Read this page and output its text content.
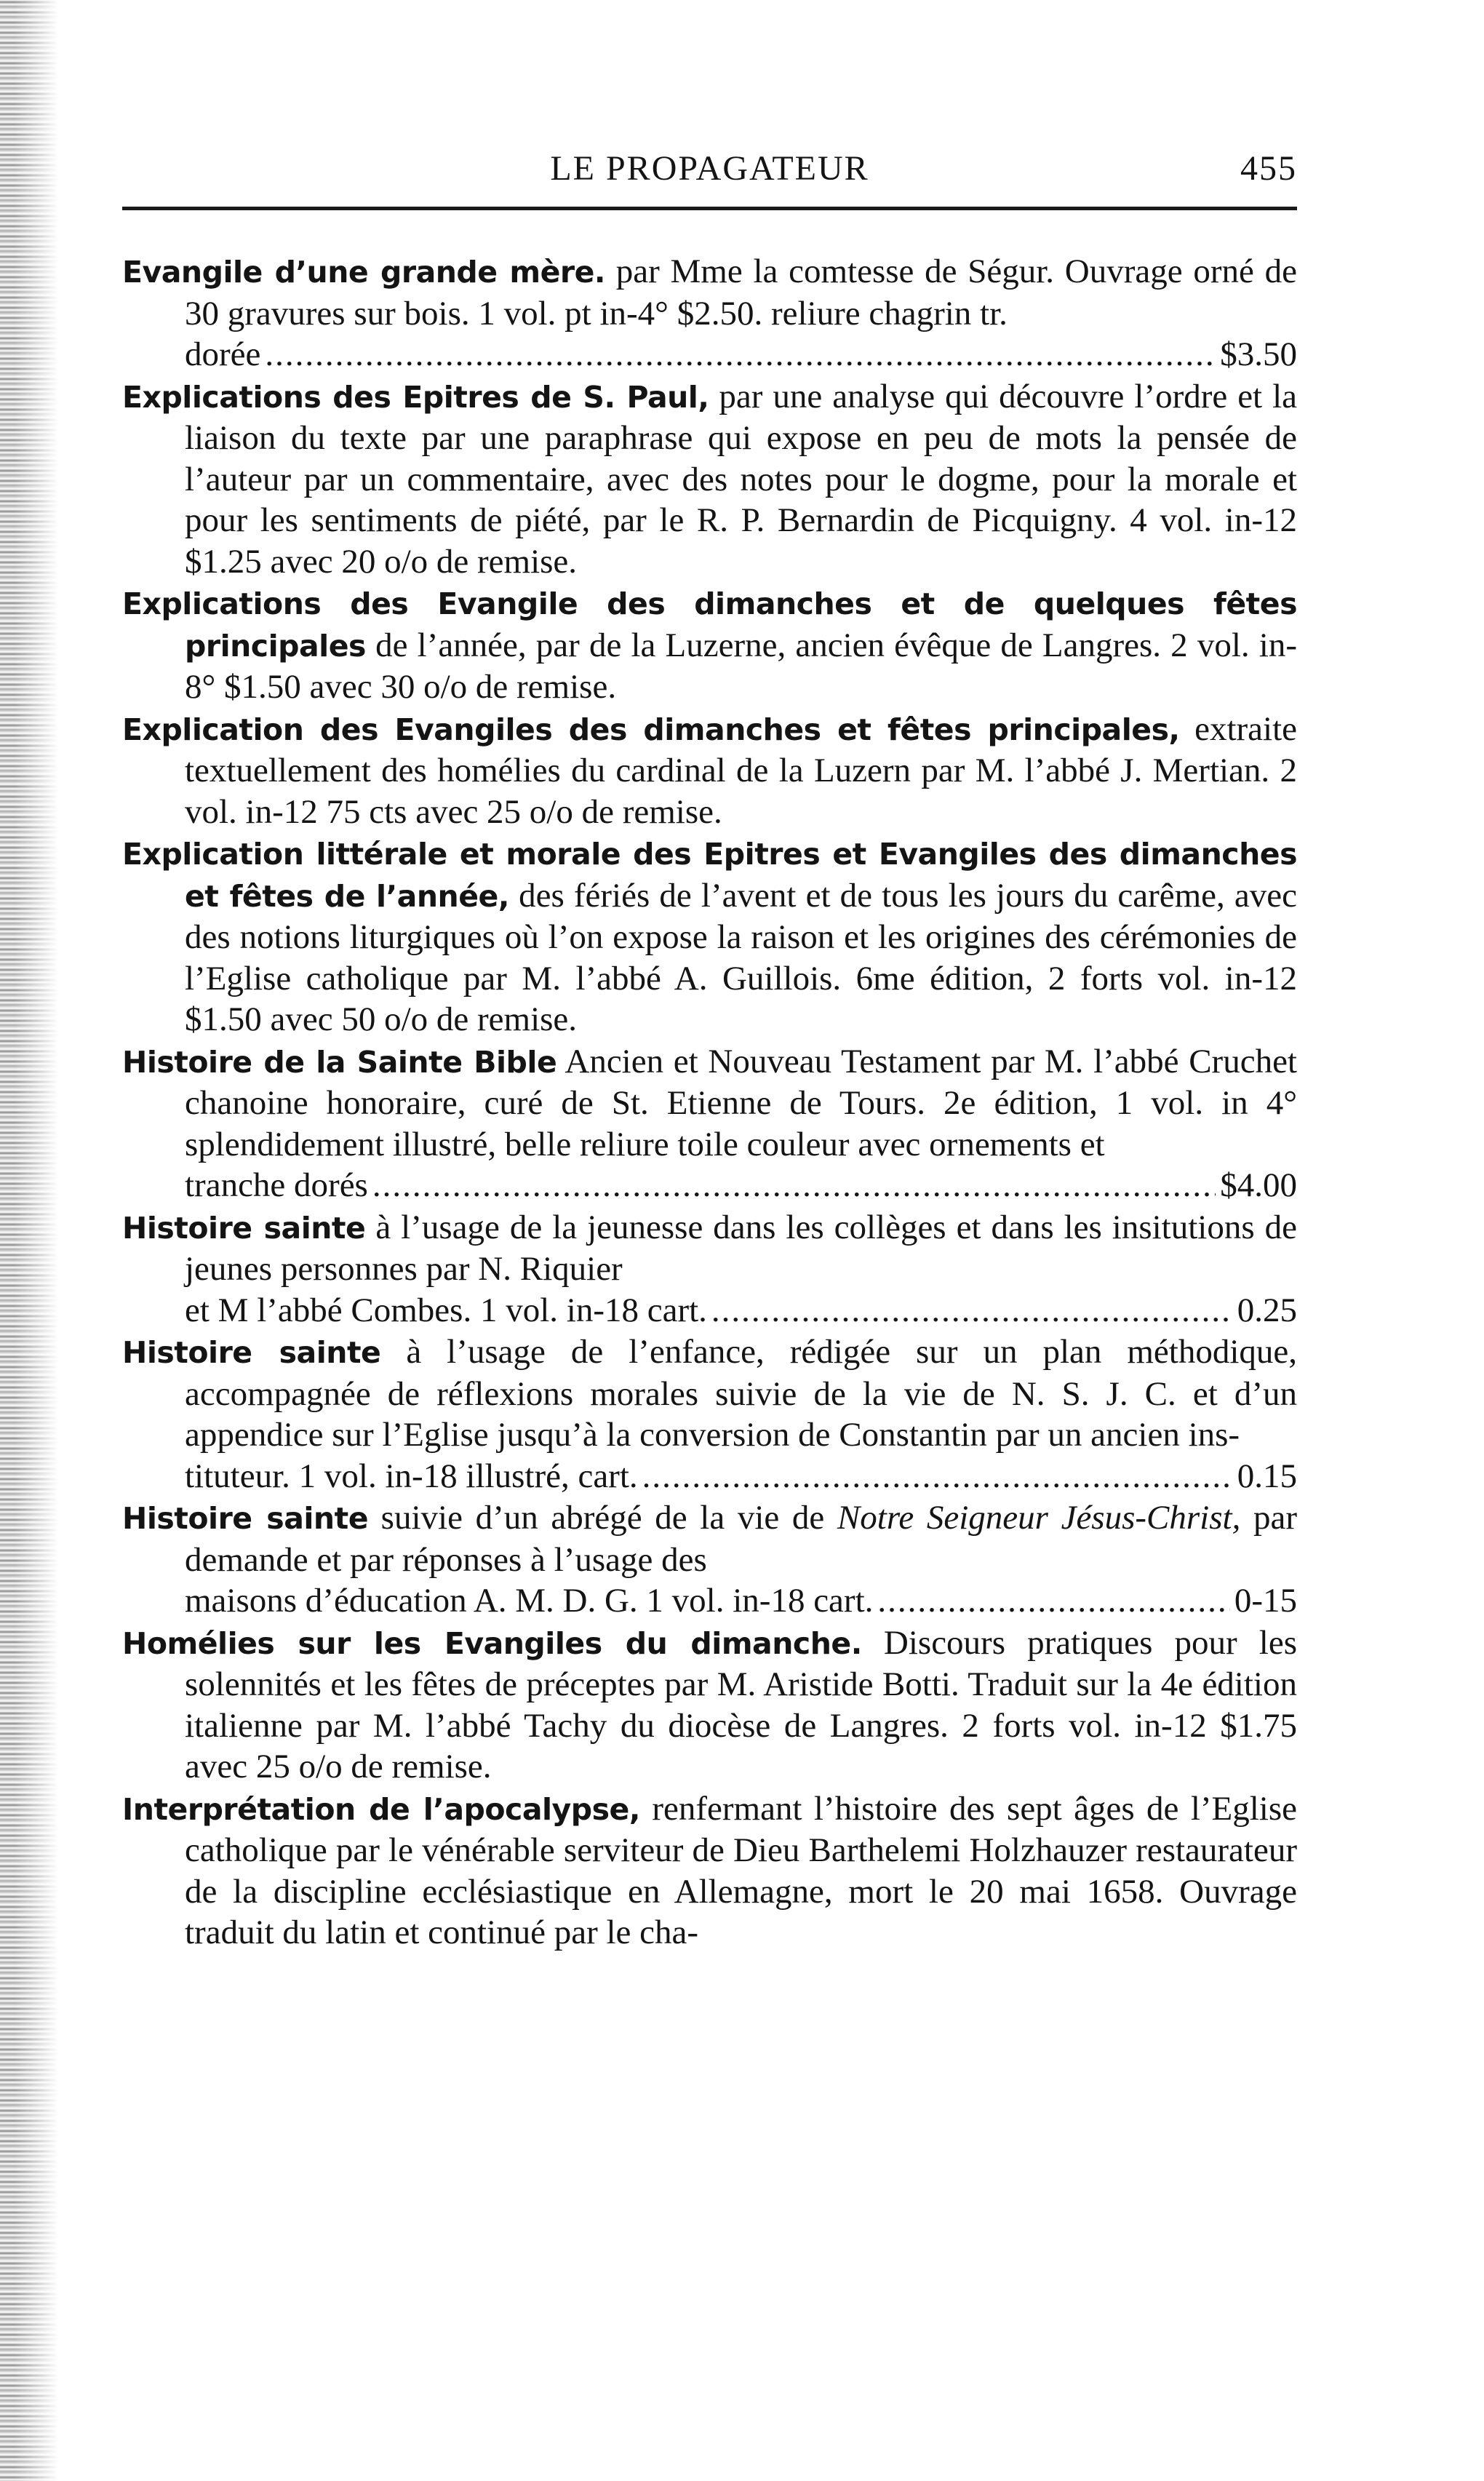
LE PROPAGATEUR	455

Evangile d’une grande mère. par Mme la comtesse de Ségur. Ouvrage orné de 30 gravures sur bois. 1 vol. pt in-4° $2.50. reliure chagrin tr.
dorée .....	$3.50

Explications des Epitres de S. Paul, par une analyse qui découvre l’ordre et la liaison du texte par une paraphrase qui expose en peu de mots la pensée de l’auteur par un commentaire, avec des notes pour le dogme, pour la morale et pour les sentiments de piété, par le R. P. Bernardin de Picquigny. 4 vol. in-12 $1.25 avec 20 o/o de remise.

Explications des Evangile des dimanches et de quelques fêtes principales de l’année, par de la Luzerne, ancien évêque de Langres. 2 vol. in-8° $1.50 avec 30 o/o de remise.

Explication des Evangiles des dimanches et fêtes principales, extraite textuellement des homélies du cardinal de la Luzern par M. l’abbé J. Mertian. 2 vol. in-12 75 cts avec 25 o/o de remise.

Explication littérale et morale des Epitres et Evangiles des dimanches et fêtes de l’année, des fériés de l’avent et de tous les jours du carême, avec des notions liturgiques où l’on expose la raison et les origines des cérémonies de l’Eglise catholique par M. l’abbé A. Guillois. 6me édition, 2 forts vol. in-12 $1.50 avec 50 o/o de remise.

Histoire de la Sainte Bible Ancien et Nouveau Testament par M. l’abbé Cruchet chanoine honoraire, curé de St. Etienne de Tours. 2e édition, 1 vol. in 4° splendidement illustré, belle reliure toile couleur avec ornements et
tranche dorés .....	$4.00

Histoire sainte à l’usage de la jeunesse dans les collèges et dans les insitutions de jeunes personnes par N. Riquier
et M l’abbé Combes. 1 vol. in-18 cart. .....	0.25

Histoire sainte à l’usage de l’enfance, rédigée sur un plan méthodique, accompagnée de réflexions morales suivie de la vie de N. S. J. C. et d’un appendice sur l’Eglise jusqu’à la conversion de Constantin par un ancien ins-
tituteur. 1 vol. in-18 illustré, cart. .....	0.15

Histoire sainte suivie d’un abrégé de la vie de Notre Seigneur Jésus-Christ, par demande et par réponses à l’usage des
maisons d’éducation A. M. D. G. 1 vol. in-18 cart. .....	0-15

Homélies sur les Evangiles du dimanche. Discours pratiques pour les solennités et les fêtes de préceptes par M. Aristide Botti. Traduit sur la 4e édition italienne par M. l’abbé Tachy du diocèse de Langres. 2 forts vol. in-12 $1.75 avec 25 o/o de remise.

Interprétation de l’apocalypse, renfermant l’histoire des sept âges de l’Eglise catholique par le vénérable serviteur de Dieu Barthelemi Holzhauzer restaurateur de la discipline ecclésiastique en Allemagne, mort le 20 mai 1658. Ouvrage traduit du latin et continué par le cha-
